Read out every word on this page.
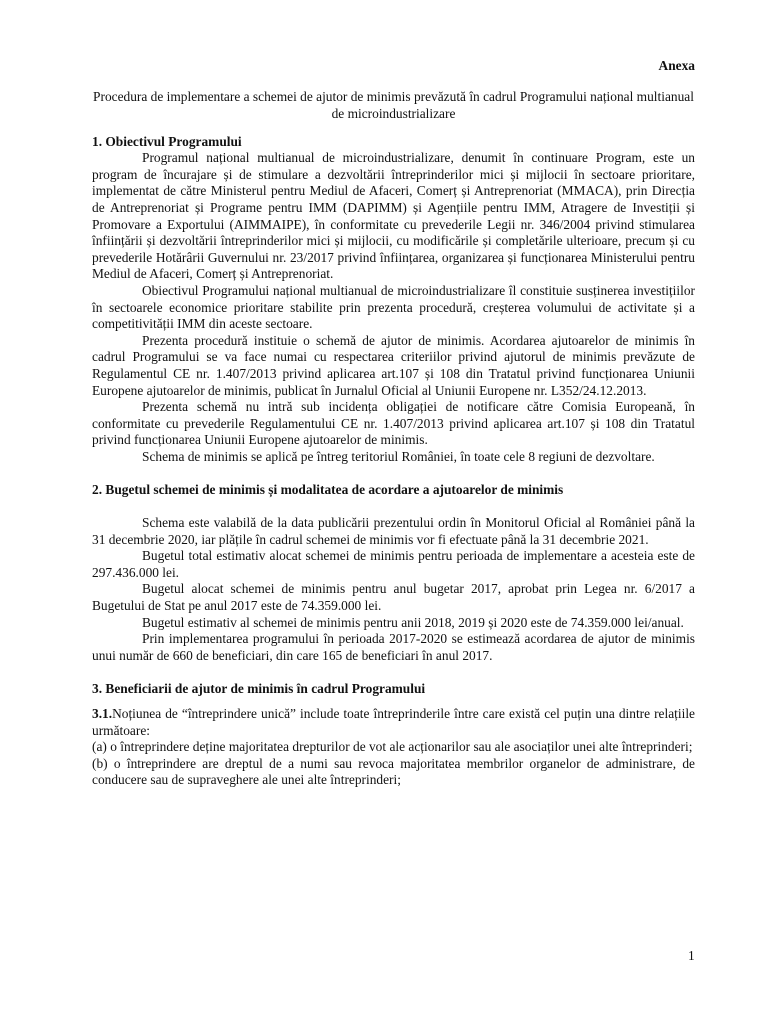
Anexa
Procedura de implementare a schemei de ajutor de minimis prevăzută în cadrul Programului național multianual de microindustrializare
1. Obiectivul Programului

Programul național multianual de microindustrializare, denumit în continuare Program, este un program de încurajare și de stimulare a dezvoltării întreprinderilor mici și mijlocii în sectoare prioritare, implementat de către Ministerul pentru Mediul de Afaceri, Comerț și Antreprenoriat (MMACA), prin Direcția de Antreprenoriat și Programe pentru IMM (DAPIMM) și Agențiile pentru IMM, Atragere de Investiții și Promovare a Exportului (AIMMAIPE), în conformitate cu prevederile Legii nr. 346/2004 privind stimularea înființării și dezvoltării întreprinderilor mici și mijlocii, cu modificările și completările ulterioare, precum și cu prevederile Hotărârii Guvernului nr. 23/2017 privind înființarea, organizarea și funcționarea Ministerului pentru Mediul de Afaceri, Comerț și Antreprenoriat.

Obiectivul Programului național multianual de microindustrializare îl constituie susținerea investițiilor în sectoarele economice prioritare stabilite prin prezenta procedură, creșterea volumului de activitate și a competitivității IMM din aceste sectoare.

Prezenta procedură instituie o schemă de ajutor de minimis. Acordarea ajutoarelor de minimis în cadrul Programului se va face numai cu respectarea criteriilor privind ajutorul de minimis prevăzute de Regulamentul CE nr. 1.407/2013 privind aplicarea art.107 și 108 din Tratatul privind funcționarea Uniunii Europene ajutoarelor de minimis, publicat în Jurnalul Oficial al Uniunii Europene nr. L352/24.12.2013.

Prezenta schemă nu intră sub incidența obligației de notificare către Comisia Europeană, în conformitate cu prevederile Regulamentului CE nr. 1.407/2013 privind aplicarea art.107 și 108 din Tratatul privind funcționarea Uniunii Europene ajutoarelor de minimis.

Schema de minimis se aplică pe întreg teritoriul României, în toate cele 8 regiuni de dezvoltare.

2. Bugetul schemei de minimis și modalitatea de acordare a ajutoarelor de minimis

Schema este valabilă de la data publicării prezentului ordin în Monitorul Oficial al României până la 31 decembrie 2020, iar plățile în cadrul schemei de minimis vor fi efectuate până la 31 decembrie 2021.

Bugetul total estimativ alocat schemei de minimis pentru perioada de implementare a acesteia este de 297.436.000 lei.

Bugetul alocat schemei de minimis pentru anul bugetar 2017, aprobat prin Legea nr. 6/2017 a Bugetului de Stat pe anul 2017 este de 74.359.000 lei.

Bugetul estimativ al schemei de minimis pentru anii 2018, 2019 și 2020 este de 74.359.000 lei/anual.

Prin implementarea programului în perioada 2017-2020 se estimează acordarea de ajutor de minimis unui număr de 660 de beneficiari, din care 165 de beneficiari în anul 2017.

3. Beneficiarii de ajutor de minimis în cadrul Programului

3.1.Noțiunea de “întreprindere unică” include toate întreprinderile între care există cel puțin una dintre relațiile următoare:

(a) o întreprindere deține majoritatea drepturilor de vot ale acționarilor sau ale asociaților unei alte întreprinderi;

(b) o întreprindere are dreptul de a numi sau revoca majoritatea membrilor organelor de administrare, de conducere sau de supraveghere ale unei alte întreprinderi;

1
